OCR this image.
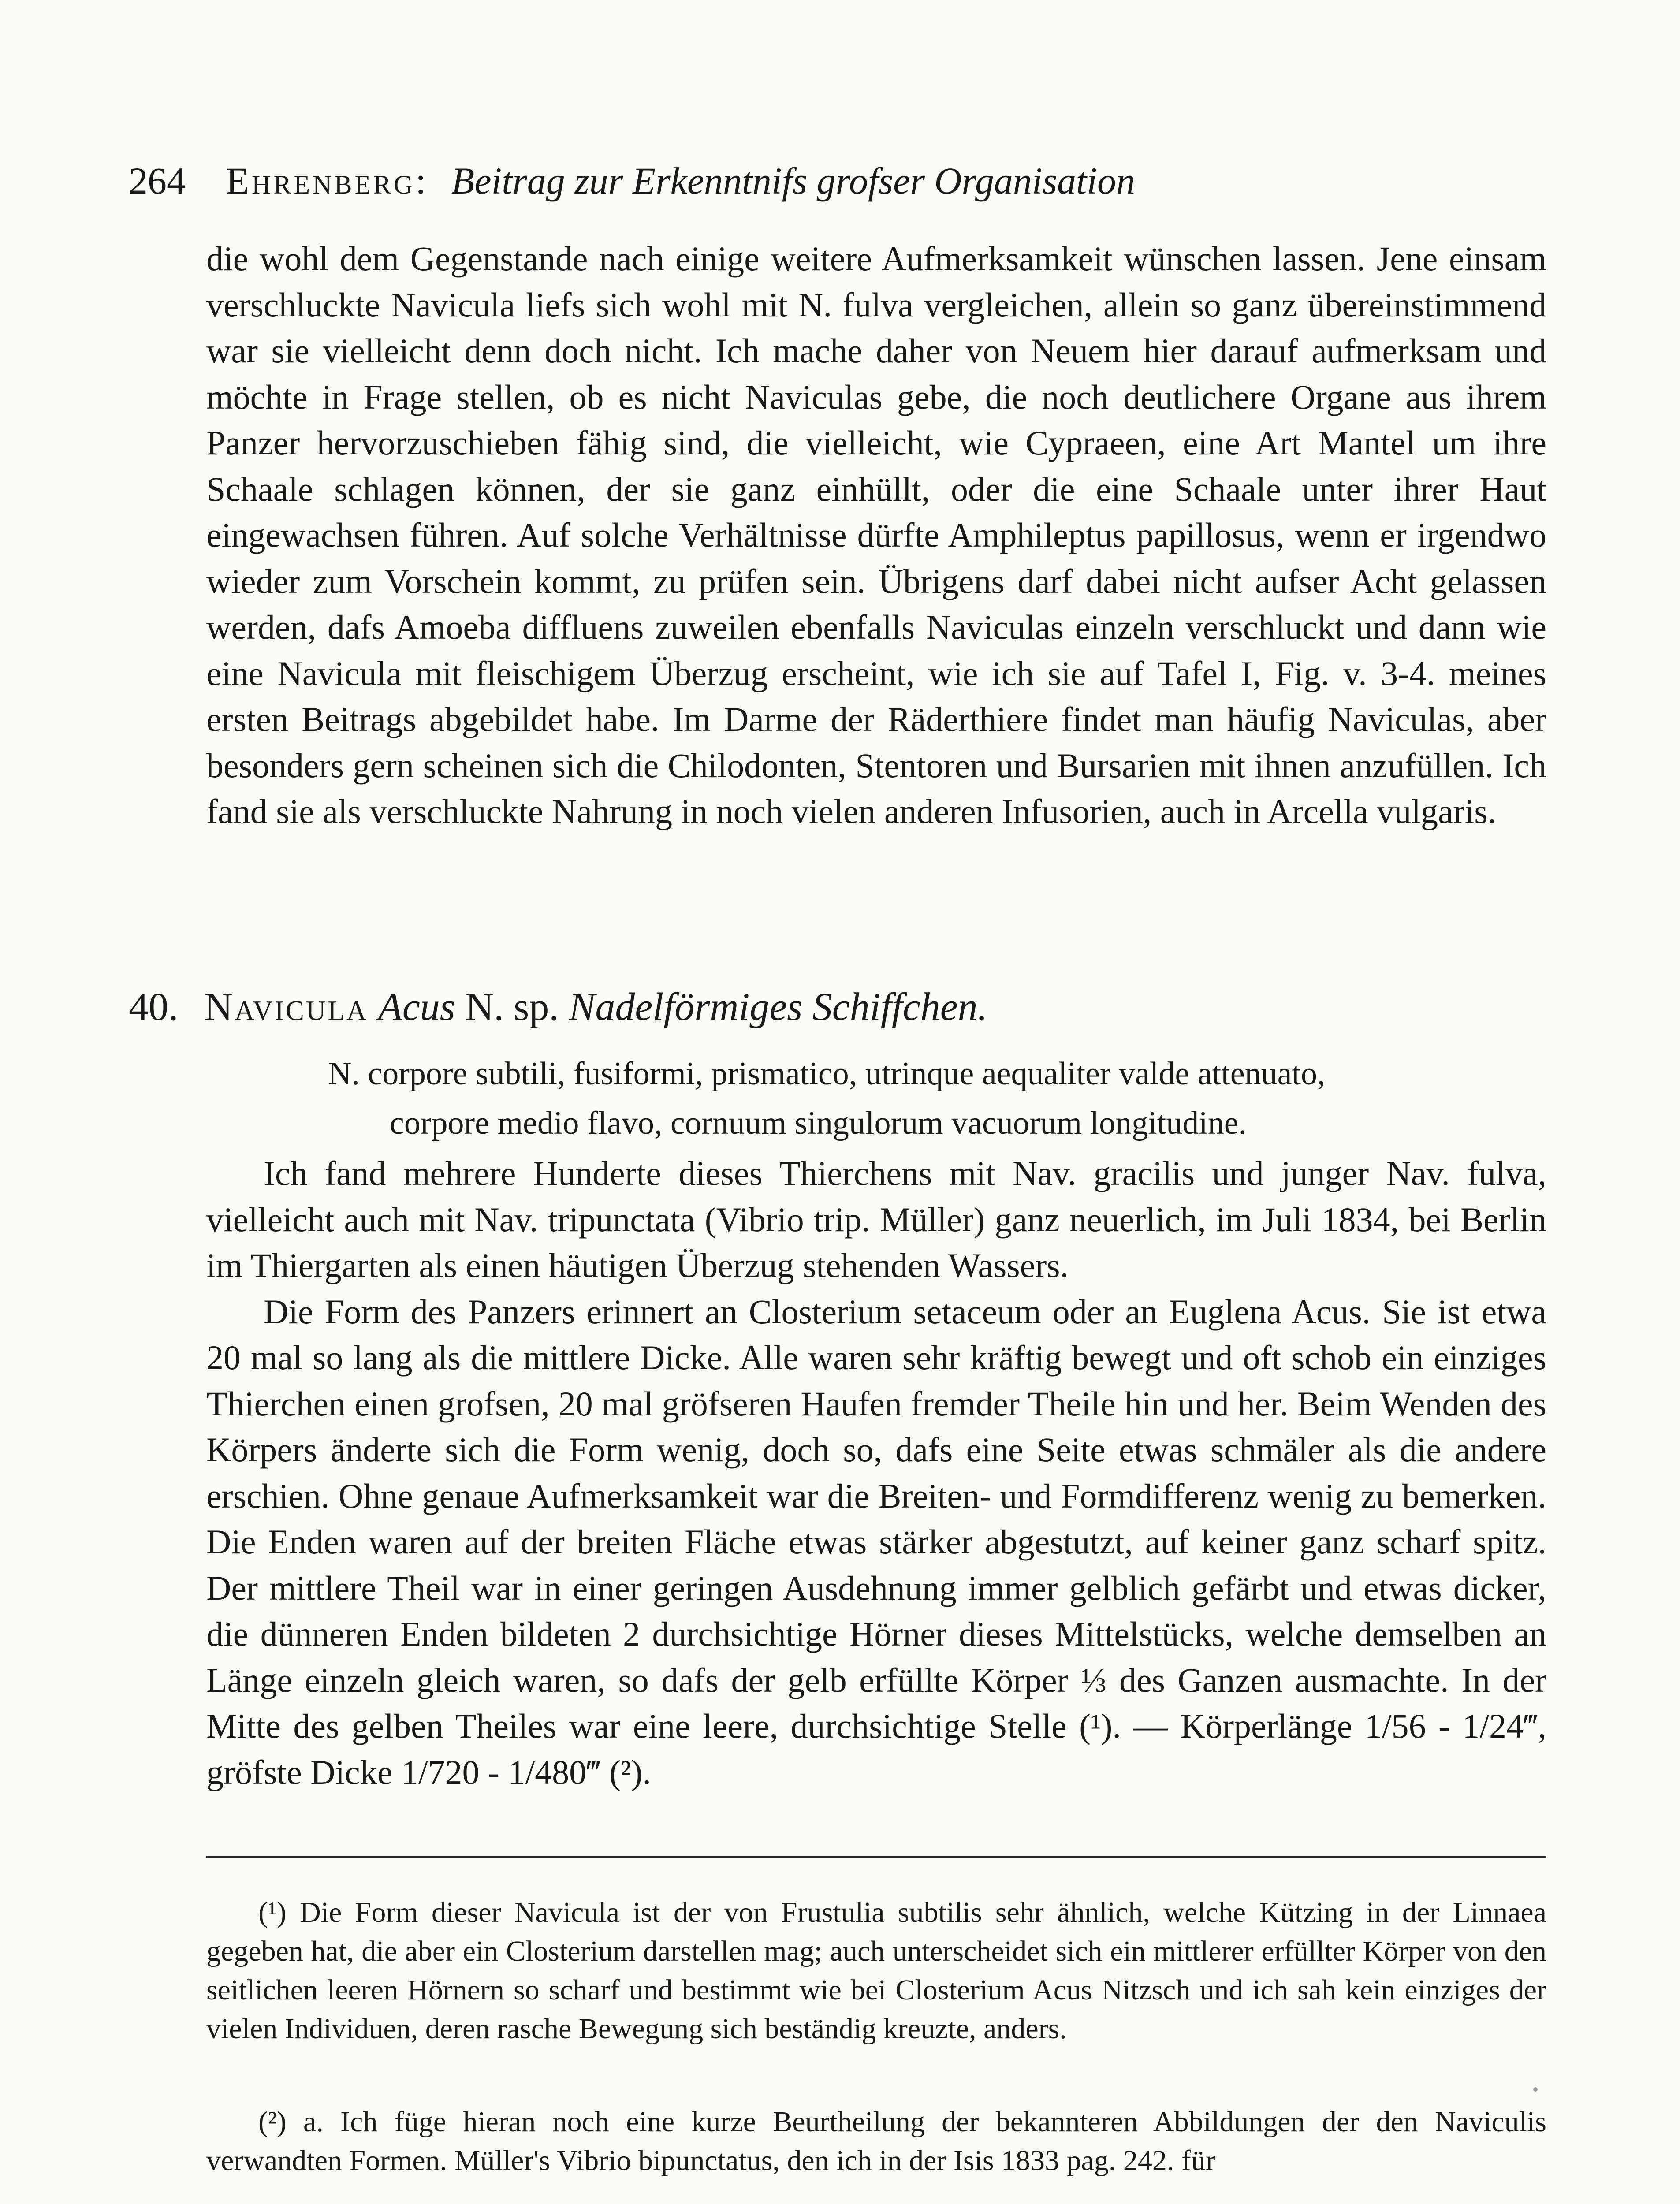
264 Ehrenberg: Beitrag zur Erkenntnifs grofser Organisation

die wohl dem Gegenstande nach einige weitere Aufmerksamkeit wünschen lassen. Jene einsam verschluckte Navicula liefs sich wohl mit N. fulva vergleichen, allein so ganz übereinstimmend war sie vielleicht denn doch nicht. Ich mache daher von Neuem hier darauf aufmerksam und möchte in Frage stellen, ob es nicht Naviculas gebe, die noch deutlichere Organe aus ihrem Panzer hervorzuschieben fähig sind, die vielleicht, wie Cypraeen, eine Art Mantel um ihre Schaale schlagen können, der sie ganz einhüllt, oder die eine Schaale unter ihrer Haut eingewachsen führen. Auf solche Verhältnisse dürfte Amphileptus papillosus, wenn er irgendwo wieder zum Vorschein kommt, zu prüfen sein. Übrigens darf dabei nicht aufser Acht gelassen werden, dafs Amoeba diffluens zuweilen ebenfalls Naviculas einzeln verschluckt und dann wie eine Navicula mit fleischigem Überzug erscheint, wie ich sie auf Tafel I, Fig. v. 3-4. meines ersten Beitrags abgebildet habe. Im Darme der Räderthiere findet man häufig Naviculas, aber besonders gern scheinen sich die Chilodonten, Stentoren und Bursarien mit ihnen anzufüllen. Ich fand sie als verschluckte Nahrung in noch vielen anderen Infusorien, auch in Arcella vulgaris.

40. Navicula Acus N. sp. Nadelförmiges Schiffchen.
N. corpore subtili, fusiformi, prismatico, utrinque aequaliter valde attenuato,
corpore medio flavo, cornuum singulorum vacuorum longitudine.

Ich fand mehrere Hunderte dieses Thierchens mit Nav. gracilis und junger Nav. fulva, vielleicht auch mit Nav. tripunctata (Vibrio trip. Müller) ganz neuerlich, im Juli 1834, bei Berlin im Thiergarten als einen häutigen Überzug stehenden Wassers.

Die Form des Panzers erinnert an Closterium setaceum oder an Euglena Acus. Sie ist etwa 20 mal so lang als die mittlere Dicke. Alle waren sehr kräftig bewegt und oft schob ein einziges Thierchen einen grofsen, 20 mal gröfseren Haufen fremder Theile hin und her. Beim Wenden des Körpers änderte sich die Form wenig, doch so, dafs eine Seite etwas schmäler als die andere erschien. Ohne genaue Aufmerksamkeit war die Breiten- und Formdifferenz wenig zu bemerken. Die Enden waren auf der breiten Fläche etwas stärker abgestutzt, auf keiner ganz scharf spitz. Der mittlere Theil war in einer geringen Ausdehnung immer gelblich gefärbt und etwas dicker, die dünneren Enden bildeten 2 durchsichtige Hörner dieses Mittelstücks, welche demselben an Länge einzeln gleich waren, so dafs der gelb erfüllte Körper ⅓ des Ganzen ausmachte. In der Mitte des gelben Theiles war eine leere, durchsichtige Stelle (¹). — Körperlänge 1/56 - 1/24‴, gröfste Dicke 1/720 - 1/480‴ (²).

(¹) Die Form dieser Navicula ist der von Frustulia subtilis sehr ähnlich, welche Kützing in der Linnaea gegeben hat, die aber ein Closterium darstellen mag; auch unterscheidet sich ein mittlerer erfüllter Körper von den seitlichen leeren Hörnern so scharf und bestimmt wie bei Closterium Acus Nitzsch und ich sah kein einziges der vielen Individuen, deren rasche Bewegung sich beständig kreuzte, anders.
(²) a. Ich füge hieran noch eine kurze Beurtheilung der bekannteren Abbildungen der den Naviculis verwandten Formen. Müller's Vibrio bipunctatus, den ich in der Isis 1833 pag. 242. für
